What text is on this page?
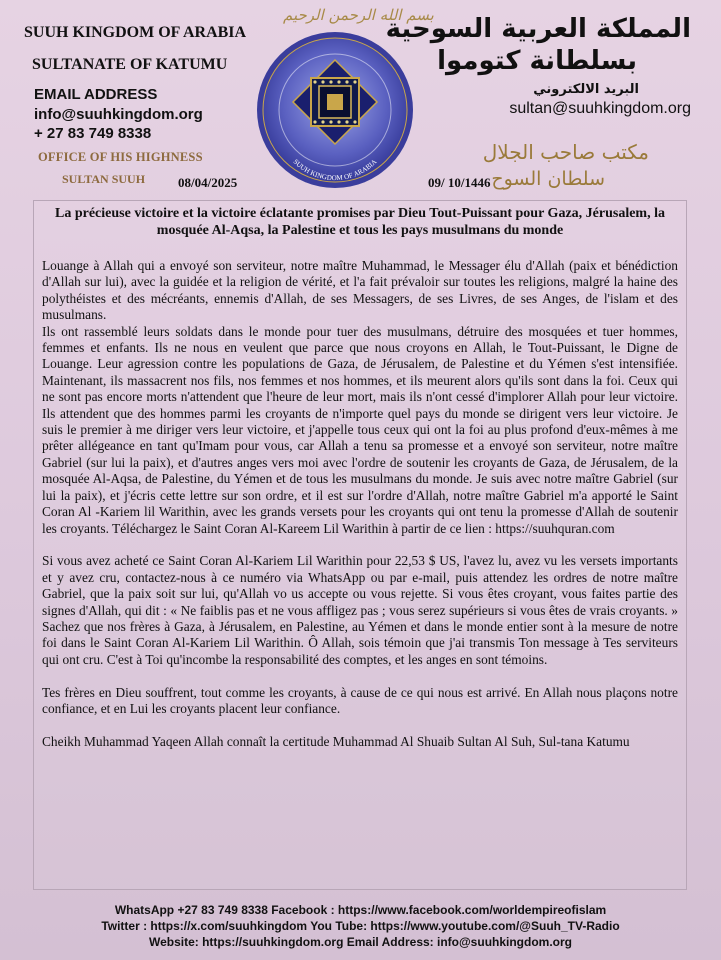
SUUH KINGDOM OF ARABIA
SULTANATE OF KATUMU
EMAIL ADDRESS
info@suuhkingdom.org
+ 27 83 749 8338
OFFICE OF HIS HIGHNESS
SULTAN SUUH	08/04/2025	09/ 10/1446
المملكة العربية السوحية
بسلطانة كتوموا
البريد الالكتروني
sultan@suuhkingdom.org
مكتب صاحب الجلال
سلطان السوح
بسم الله الرحمن الرحيم
SUUH KINGDOM OF ARABIA
La précieuse victoire et la victoire éclatante promises par Dieu Tout-Puissant pour Gaza, Jérusalem, la mosquée Al-Aqsa, la Palestine et tous les pays musulmans du monde

Louange à Allah qui a envoyé son serviteur, notre maître Muhammad, le Messager élu d'Allah (paix et bénédiction d'Allah sur lui), avec la guidée et la religion de vérité, et l'a fait prévaloir sur toutes les religions, malgré la haine des polythéistes et des mécréants, ennemis d'Allah, de ses Messagers, de ses Livres, de ses Anges, de l'islam et des musulmans.

Ils ont rassemblé leurs soldats dans le monde pour tuer des musulmans, détruire des mosquées et tuer hommes, femmes et enfants. Ils ne nous en veulent que parce que nous croyons en Allah, le Tout-Puissant, le Digne de Louange. Leur agression contre les populations de Gaza, de Jérusalem, de Palestine et du Yémen s'est intensifiée. Maintenant, ils massacrent nos fils, nos femmes et nos hommes, et ils meurent alors qu'ils sont dans la foi. Ceux qui ne sont pas encore morts n'attendent que l'heure de leur mort, mais ils n'ont cessé d'implorer Allah pour leur victoire. Ils attendent que des hommes parmi les croyants de n'importe quel pays du monde se dirigent vers leur victoire. Je suis le premier à me diriger vers leur victoire, et j'appelle tous ceux qui ont la foi au plus profond d'eux-mêmes à me prêter allégeance en tant qu'Imam pour vous, car Allah a tenu sa promesse et a envoyé son serviteur, notre maître Gabriel (sur lui la paix), et d'autres anges vers moi avec l'ordre de soutenir les croyants de Gaza, de Jérusalem, de la mosquée Al-Aqsa, de Palestine, du Yémen et de tous les musulmans du monde. Je suis avec notre maître Gabriel (sur lui la paix), et j'écris cette lettre sur son ordre, et il est sur l'ordre d'Allah, notre maître Gabriel m'a apporté le Saint Coran Al -Kariem lil Warithin, avec les grands versets pour les croyants qui ont tenu la promesse d'Allah de soutenir les croyants. Téléchargez le Saint Coran Al-Kareem Lil Warithin à partir de ce lien : https://suuhquran.com

Si vous avez acheté ce Saint Coran Al-Kariem Lil Warithin pour 22,53 $ US, l'avez lu, avez vu les versets importants et y avez cru, contactez-nous à ce numéro via WhatsApp ou par e-mail, puis attendez les ordres de notre maître Gabriel, que la paix soit sur lui, qu'Allah vo us accepte ou vous rejette. Si vous êtes croyant, vous faites partie des signes d'Allah, qui dit : « Ne faiblis pas et ne vous affligez pas ; vous serez supérieurs si vous êtes de vrais croyants. » Sachez que nos frères à Gaza, à Jérusalem, en Palestine, au Yémen et dans le monde entier sont à la mesure de notre foi dans le Saint Coran Al-Kariem Lil Warithin. Ô Allah, sois témoin que j'ai transmis Ton message à Tes serviteurs qui ont cru. C'est à Toi qu'incombe la responsabilité des comptes, et les anges en sont témoins.

Tes frères en Dieu souffrent, tout comme les croyants, à cause de ce qui nous est arrivé. En Allah nous plaçons notre confiance, et en Lui les croyants placent leur confiance.

Cheikh Muhammad Yaqeen Allah connaît la certitude Muhammad Al Shuaib Sultan Al Suh, Sul-tana Katumu

WhatsApp +27 83 749 8338 Facebook : https://www.facebook.com/worldempireofislam
Twitter : https://x.com/suuhkingdom You Tube: https://www.youtube.com/@Suuh_TV-Radio
Website: https://suuhkingdom.org Email Address: info@suuhkingdom.org
